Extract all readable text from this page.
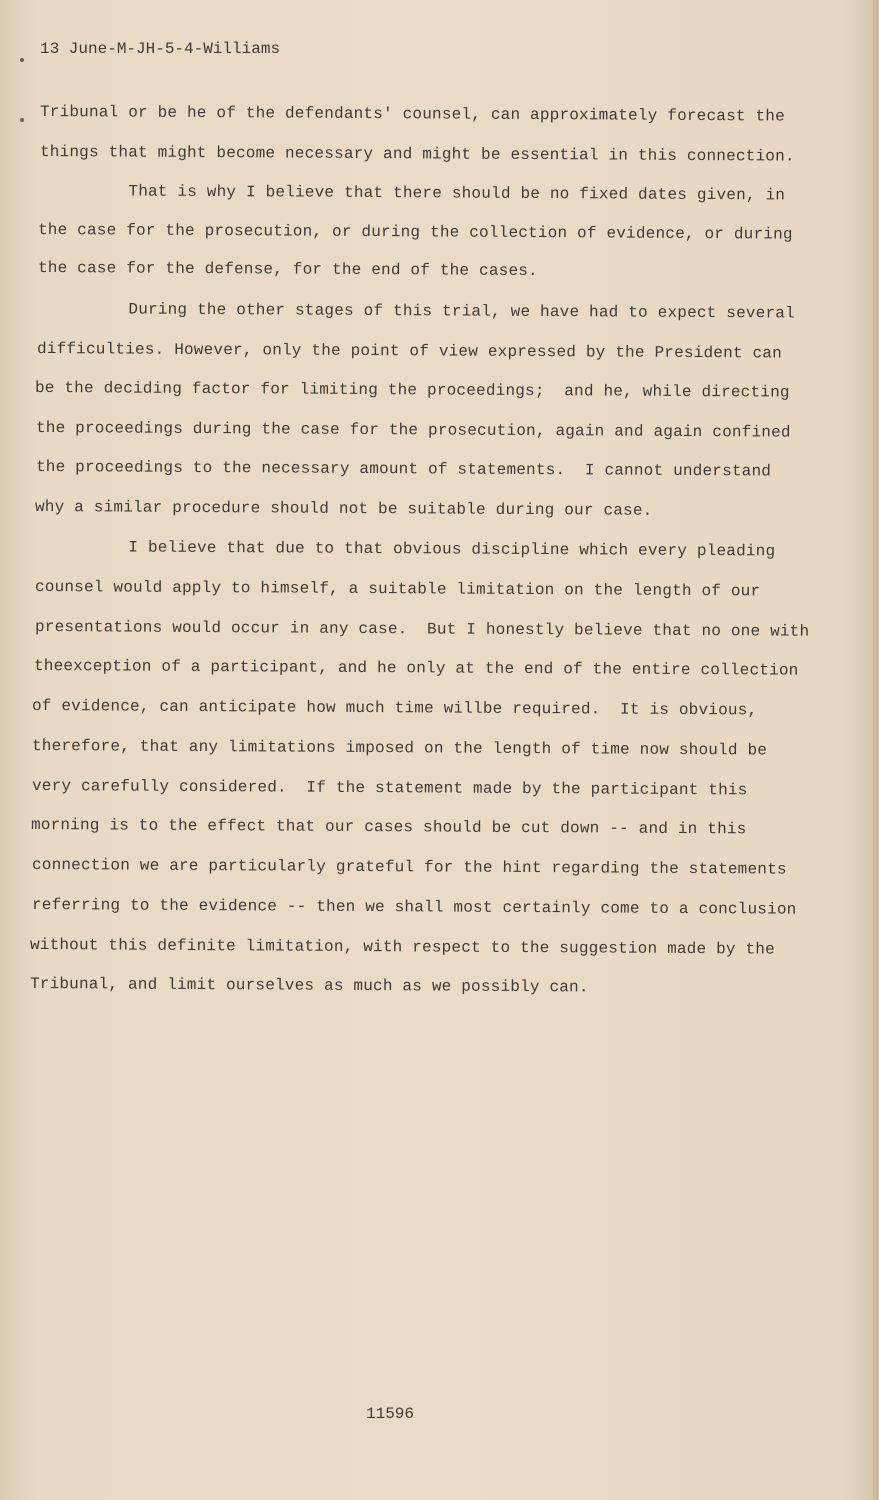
13 June-M-JH-5-4-Williams
Tribunal or be he of the defendants' counsel, can approximately forecast the
things that might become necessary and might be essential in this connection.
That is why I believe that there should be no fixed dates given, in
the case for the prosecution, or during the collection of evidence, or during
the case for the defense, for the end of the cases.
During the other stages of this trial, we have had to expect several
difficulties. However, only the point of view expressed by the President can
be the deciding factor for limiting the proceedings;  and he, while directing
the proceedings during the case for the prosecution, again and again confined
the proceedings to the necessary amount of statements.  I cannot understand
why a similar procedure should not be suitable during our case.
I believe that due to that obvious discipline which every pleading
counsel would apply to himself, a suitable limitation on the length of our
presentations would occur in any case.  But I honestly believe that no one with
theexception of a participant, and he only at the end of the entire collection
of evidence, can anticipate how much time willbe required.  It is obvious,
therefore, that any limitations imposed on the length of time now should be
very carefully considered.  If the statement made by the participant this
morning is to the effect that our cases should be cut down -- and in this
connection we are particularly grateful for the hint regarding the statements
referring to the evidence -- then we shall most certainly come to a conclusion
without this definite limitation, with respect to the suggestion made by the
Tribunal, and limit ourselves as much as we possibly can.
11596
